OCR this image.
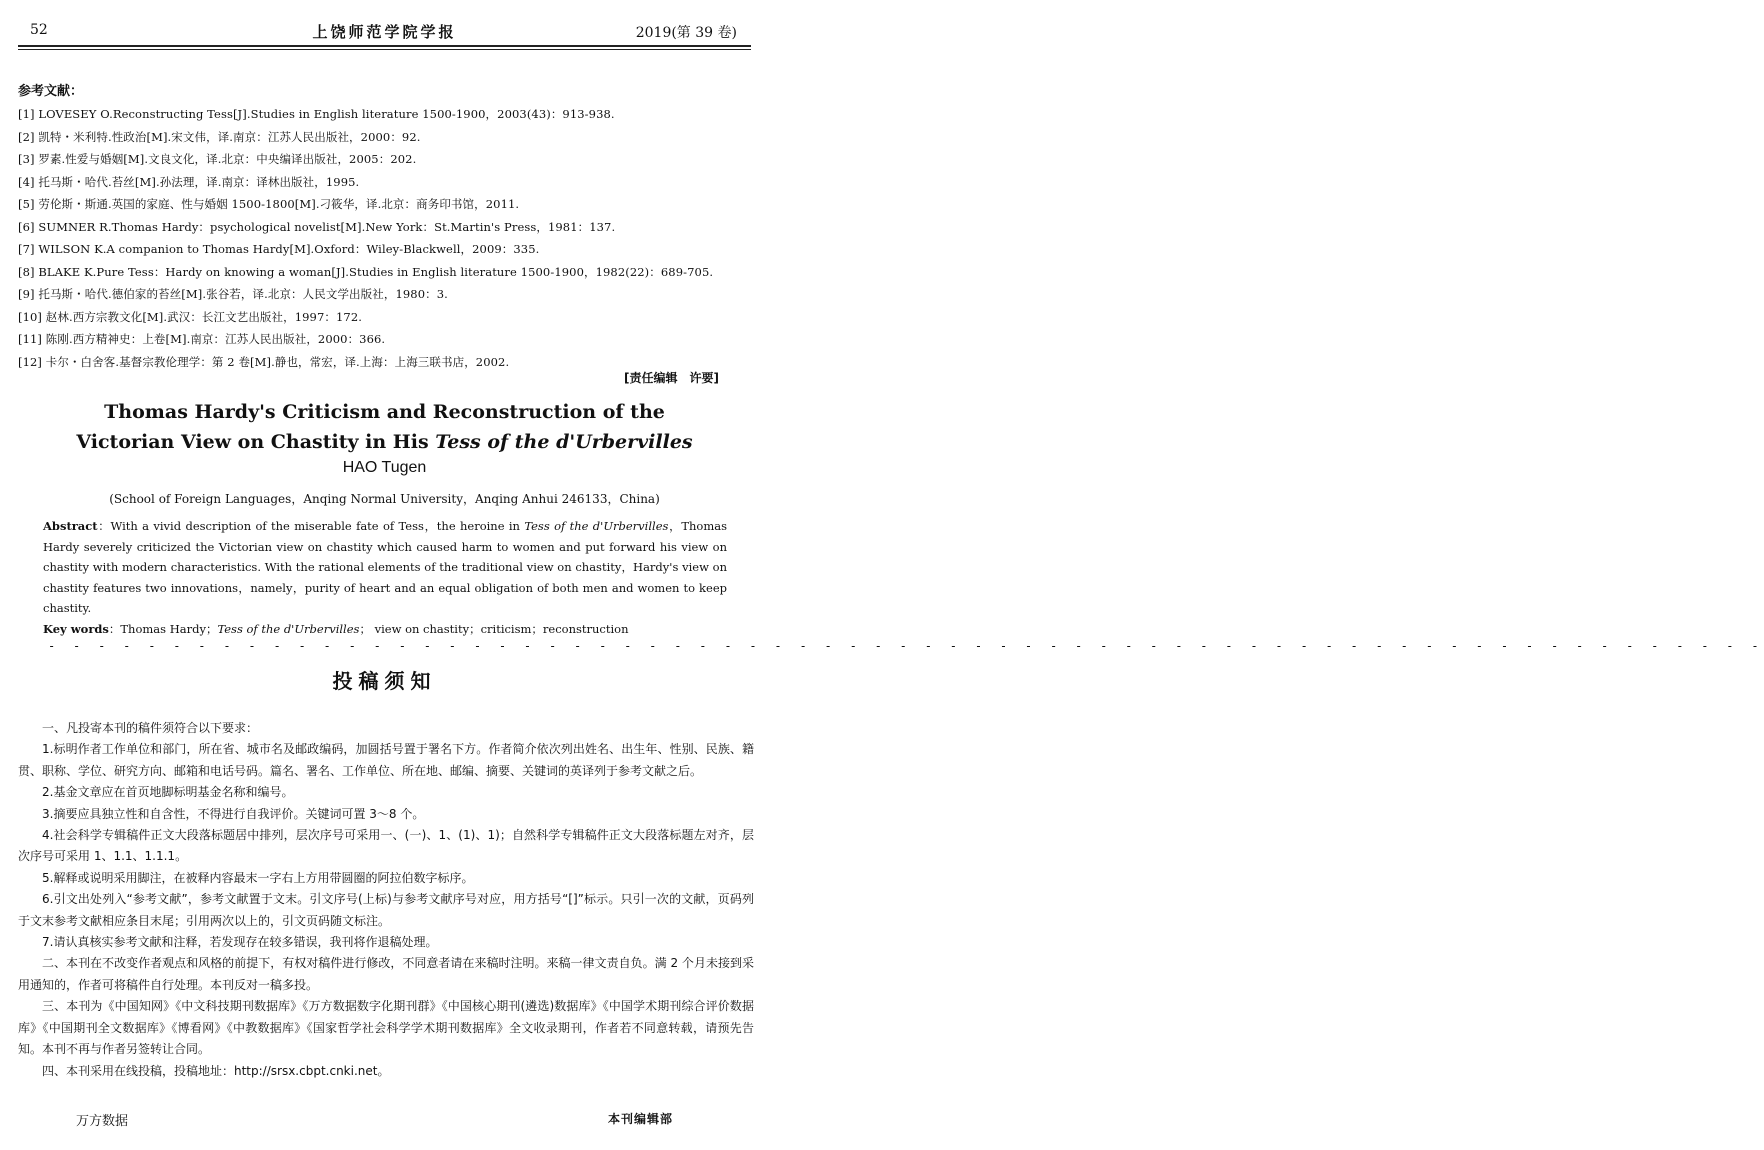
52	上饶师范学院学报	2019(第 39 卷)
参考文献：
[1] LOVESEY O.Reconstructing Tess[J].Studies in English literature 1500-1900，2003(43)：913-938.
[2] 凯特・米利特.性政治[M].宋文伟，译.南京：江苏人民出版社，2000：92.
[3] 罗素.性爱与婚姻[M].文良文化，译.北京：中央编译出版社，2005：202.
[4] 托马斯・哈代.苔丝[M].孙法理，译.南京：译林出版社，1995.
[5] 劳伦斯・斯通.英国的家庭、性与婚姻 1500-1800[M].刁筱华，译.北京：商务印书馆，2011.
[6] SUMNER R.Thomas Hardy：psychological novelist[M].New York：St.Martin's Press，1981：137.
[7] WILSON K.A companion to Thomas Hardy[M].Oxford：Wiley-Blackwell，2009：335.
[8] BLAKE K.Pure Tess：Hardy on knowing a woman[J].Studies in English literature 1500-1900，1982(22)：689-705.
[9] 托马斯・哈代.德伯家的苔丝[M].张谷若，译.北京：人民文学出版社，1980：3.
[10] 赵林.西方宗教文化[M].武汉：长江文艺出版社，1997：172.
[11] 陈刚.西方精神史：上卷[M].南京：江苏人民出版社，2000：366.
[12] 卡尔・白舍客.基督宗教伦理学：第 2 卷[M].静也，常宏，译.上海：上海三联书店，2002.
[责任编辑　许要]
Thomas Hardy's Criticism and Reconstruction of the
Victorian View on Chastity in His Tess of the d'Urbervilles
HAO Tugen
(School of Foreign Languages，Anqing Normal University，Anqing Anhui 246133，China)

Abstract：With a vivid description of the miserable fate of Tess，the heroine in Tess of the d'Urbervilles，Thomas Hardy severely criticized the Victorian view on chastity which caused harm to women and put forward his view on chastity with modern characteristics. With the rational elements of the traditional view on chastity，Hardy's view on chastity features two innovations，namely，purity of heart and an equal obligation of both men and women to keep chastity.

Key words：Thomas Hardy；Tess of the d'Urbervilles； view on chastity；criticism；reconstruction
- - - - - - - - - - - - - - - - - - - - - - - - - - - - - - - - - - - - - - - - - - - - - - - - - - - - - - - - - - - - - - - - - - - - -
投稿须知

一、凡投寄本刊的稿件须符合以下要求：

1.标明作者工作单位和部门，所在省、城市名及邮政编码，加圆括号置于署名下方。作者简介依次列出姓名、出生年、性别、民族、籍贯、职称、学位、研究方向、邮箱和电话号码。篇名、署名、工作单位、所在地、邮编、摘要、关键词的英译列于参考文献之后。

2.基金文章应在首页地脚标明基金名称和编号。

3.摘要应具独立性和自含性，不得进行自我评价。关键词可置 3～8 个。

4.社会科学专辑稿件正文大段落标题居中排列，层次序号可采用一、(一)、1、(1)、1)；自然科学专辑稿件正文大段落标题左对齐，层次序号可采用 1、1.1、1.1.1。

5.解释或说明采用脚注，在被释内容最末一字右上方用带圆圈的阿拉伯数字标序。

6.引文出处列入“参考文献”，参考文献置于文末。引文序号(上标)与参考文献序号对应，用方括号“[]”标示。只引一次的文献，页码列于文末参考文献相应条目末尾；引用两次以上的，引文页码随文标注。

7.请认真核实参考文献和注释，若发现存在较多错误，我刊将作退稿处理。

二、本刊在不改变作者观点和风格的前提下，有权对稿件进行修改，不同意者请在来稿时注明。来稿一律文责自负。满 2 个月未接到采用通知的，作者可将稿件自行处理。本刊反对一稿多投。

三、本刊为《中国知网》《中文科技期刊数据库》《万方数据数字化期刊群》《中国核心期刊(遴选)数据库》《中国学术期刊综合评价数据库》《中国期刊全文数据库》《博看网》《中教数据库》《国家哲学社会科学学术期刊数据库》全文收录期刊，作者若不同意转载，请预先告知。本刊不再与作者另签转让合同。

四、本刊采用在线投稿，投稿地址：http://srsx.cbpt.cnki.net。

万方数据	本刊编辑部
